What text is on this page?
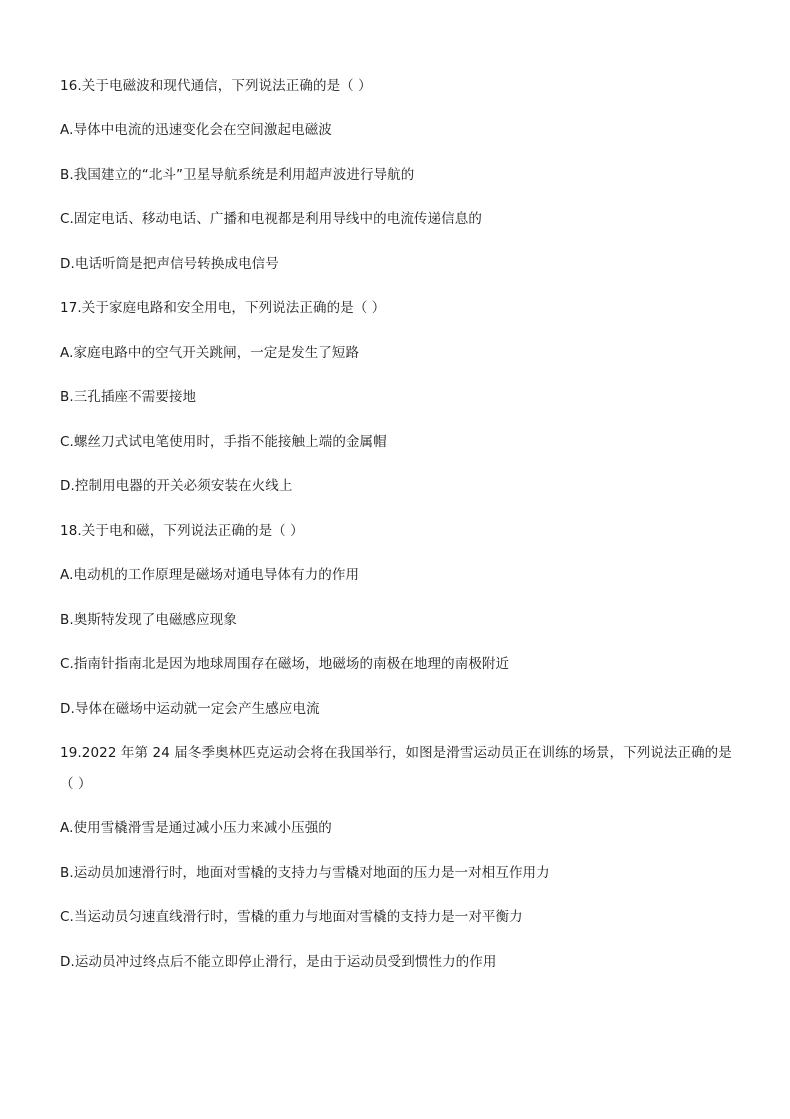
16.关于电磁波和现代通信，下列说法正确的是（ ）
A.导体中电流的迅速变化会在空间激起电磁波
B.我国建立的“北斗”卫星导航系统是利用超声波进行导航的
C.固定电话、移动电话、广播和电视都是利用导线中的电流传递信息的
D.电话听筒是把声信号转换成电信号
17.关于家庭电路和安全用电，下列说法正确的是（ ）
A.家庭电路中的空气开关跳闸，一定是发生了短路
B.三孔插座不需要接地
C.螺丝刀式试电笔使用时，手指不能接触上端的金属帽
D.控制用电器的开关必须安装在火线上
18.关于电和磁，下列说法正确的是（ ）
A.电动机的工作原理是磁场对通电导体有力的作用
B.奥斯特发现了电磁感应现象
C.指南针指南北是因为地球周围存在磁场，地磁场的南极在地理的南极附近
D.导体在磁场中运动就一定会产生感应电流
19.2022 年第 24 届冬季奥林匹克运动会将在我国举行，如图是滑雪运动员正在训练的场景，下列说法正确的是（ ）
A.使用雪橇滑雪是通过减小压力来减小压强的
B.运动员加速滑行时，地面对雪橇的支持力与雪橇对地面的压力是一对相互作用力
C.当运动员匀速直线滑行时，雪橇的重力与地面对雪橇的支持力是一对平衡力
D.运动员冲过终点后不能立即停止滑行，是由于运动员受到惯性力的作用
